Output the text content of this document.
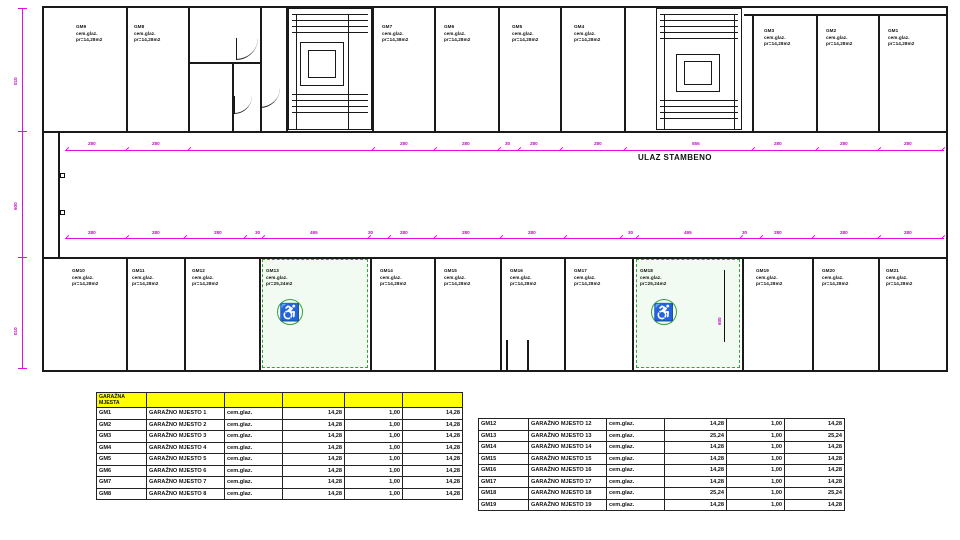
♿	♿	600
280	280	280	280	30	280	280	555	280	280	280
280	280	280	30	495	30	280	280	280	30	495	30	280	280	280
010
600
010
ULAZ STAMBENO
GM9
cem.glaz.
pr=14,28m2
GM8
cem.glaz.
pr=14,28m2
GM7
cem.glaz.
pr=14,38m2
GM6
cem.glaz.
pr=14,28m2
GM5
cem.glaz.
pr=14,28m2
GM4
cem.glaz.
pr=14,28m2
GM3
cem.glaz.
pr=14,28m2
GM2
cem.glaz.
pr=14,28m2
GM1
cem.glaz.
pr=14,28m2
GM10
cem.glaz.
pr=14,28m2
GM11
cem.glaz.
pr=14,28m2
GM12
cem.glaz.
pr=14,28m2
GM13
cem.glaz.
pr=25,24m2
GM14
cem.glaz.
pr=14,28m2
GM15
cem.glaz.
pr=14,28m2
GM16
cem.glaz.
pr=14,28m2
GM17
cem.glaz.
pr=14,28m2
GM18
cem.glaz.
pr=25,24m2
GM19
cem.glaz.
pr=14,28m2
GM20
cem.glaz.
pr=14,28m2
GM21
cem.glaz.
pr=14,28m2
GARAŽNA
MJESTA					

GM1	GARAŽNO MJESTO 1	cem.glaz.	14,28	1,00	14,28
GM2	GARAŽNO MJESTO 2	cem.glaz.	14,28	1,00	14,28
GM3	GARAŽNO MJESTO 3	cem.glaz.	14,28	1,00	14,28
GM4	GARAŽNO MJESTO 4	cem.glaz.	14,28	1,00	14,28
GM5	GARAŽNO MJESTO 5	cem.glaz.	14,28	1,00	14,28
GM6	GARAŽNO MJESTO 6	cem.glaz.	14,28	1,00	14,28
GM7	GARAŽNO MJESTO 7	cem.glaz.	14,28	1,00	14,28
GM8	GARAŽNO MJESTO 8	cem.glaz.	14,28	1,00	14,28
GM12	GARAŽNO MJESTO 12	cem.glaz.	14,28	1,00	14,28
GM13	GARAŽNO MJESTO 13	cem.glaz.	25,24	1,00	25,24
GM14	GARAŽNO MJESTO 14	cem.glaz.	14,28	1,00	14,28
GM15	GARAŽNO MJESTO 15	cem.glaz.	14,28	1,00	14,28
GM16	GARAŽNO MJESTO 16	cem.glaz.	14,28	1,00	14,28
GM17	GARAŽNO MJESTO 17	cem.glaz.	14,28	1,00	14,28
GM18	GARAŽNO MJESTO 18	cem.glaz.	25,24	1,00	25,24
GM19	GARAŽNO MJESTO 19	cem.glaz.	14,28	1,00	14,28
